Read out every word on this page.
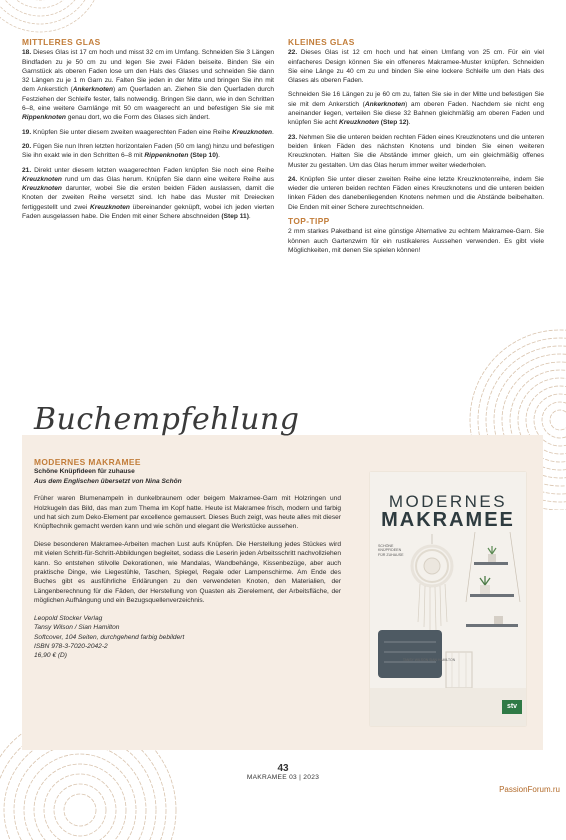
MITTLERES GLAS

18. Dieses Glas ist 17 cm hoch und misst 32 cm im Umfang. Schneiden Sie 3 Längen Bindfaden zu je 50 cm zu und legen Sie zwei Fäden beiseite. Binden Sie ein Garnstück als oberen Faden lose um den Hals des Glases und schneiden Sie dann 32 Längen zu je 1 m Garn zu. Falten Sie jeden in der Mitte und bringen Sie ihn mit dem Ankerstich (Ankerknoten) am Querfaden an. Ziehen Sie den Querfaden durch Festziehen der Schleife fester, falls notwendig. Bringen Sie dann, wie in den Schritten 6–8, eine weitere Garnlänge mit 50 cm waagerecht an und befestigen Sie sie mit Rippenknoten genau dort, wo die Form des Glases sich ändert.

19. Knüpfen Sie unter diesem zweiten waagerechten Faden eine Reihe Kreuzknoten.

20. Fügen Sie nun Ihren letzten horizontalen Faden (50 cm lang) hinzu und befestigen Sie ihn exakt wie in den Schritten 6–8 mit Rippenknoten (Step 10).

21. Direkt unter diesem letzten waagerechten Faden knüpfen Sie noch eine Reihe Kreuzknoten rund um das Glas herum. Knüpfen Sie dann eine weitere Reihe aus Kreuzknoten darunter, wobei Sie die ersten beiden Fäden auslassen, damit die Knoten der zweiten Reihe versetzt sind. Ich habe das Muster mit Dreiecken fertiggestellt und zwei Kreuzknoten übereinander geknüpft, wobei ich jeden vierten Faden ausgelassen habe. Die Enden mit einer Schere abschneiden (Step 11).

KLEINES GLAS

22. Dieses Glas ist 12 cm hoch und hat einen Umfang von 25 cm. Für ein viel einfacheres Design können Sie ein offeneres Makramee-Muster knüpfen. Schneiden Sie eine Länge zu 40 cm zu und binden Sie eine lockere Schleife um den Hals des Glases als oberen Faden.

Schneiden Sie 16 Längen zu je 60 cm zu, falten Sie sie in der Mitte und befestigen Sie sie mit dem Ankerstich (Ankerknoten) am oberen Faden. Nachdem sie nicht eng aneinander liegen, verteilen Sie diese 32 Bahnen gleichmäßig am oberen Faden und knüpfen Sie acht Kreuzknoten (Step 12).

23. Nehmen Sie die unteren beiden rechten Fäden eines Kreuzknotens und die unteren beiden linken Fäden des nächsten Knotens und binden Sie einen weiteren Kreuzknoten. Halten Sie die Abstände immer gleich, um ein gleichmäßig offenes Muster zu gestalten. Um das Glas herum immer weiter wiederholen.

24. Knüpfen Sie unter dieser zweiten Reihe eine letzte Kreuzknotenreihe, indem Sie wieder die unteren beiden rechten Fäden eines Kreuzknotens und die unteren beiden linken Fäden des danebenliegenden Knotens nehmen und die Abstände beibehalten. Die Enden mit einer Schere zurechtschneiden.

TOP-TIPP

2 mm starkes Paketband ist eine günstige Alternative zu echtem Makramee-Garn. Sie können auch Gartenzwirn für ein rustikaleres Aussehen verwenden. Es gibt viele Möglichkeiten, mit denen Sie spielen können!

Buchempfehlung
MODERNES MAKRAMEE
Schöne Knüpfideen für zuhause
Aus dem Englischen übersetzt von Nina Schön

Früher waren Blumenampeln in dunkelbraunem oder beigem Makramee-Garn mit Holzringen und Holzkugeln das Bild, das man zum Thema im Kopf hatte. Heute ist Makramee frisch, modern und farbig und hat sich zum Deko-Element par excellence gemausert. Dieses Buch zeigt, was heute alles mit dieser Knüpftechnik gemacht werden kann und wie schön und elegant die Werkstücke aussehen.

Diese besonderen Makramee-Arbeiten machen Lust aufs Knüpfen. Die Herstellung jedes Stückes wird mit vielen Schritt-für-Schritt-Abbildungen begleitet, sodass die Leserin jeden Arbeitsschritt nachvollziehen kann. So entstehen stilvolle Dekorationen, wie Mandalas, Wandbehänge, Kissenbezüge, aber auch praktische Dinge, wie Liegestühle, Taschen, Spiegel, Regale oder Lampenschirme. Am Ende des Buches gibt es ausführliche Erklärungen zu den verwendeten Knoten, den Materialien, der Längenberechnung für die Fäden, der Herstellung von Quasten als Zierelement, der Arbeitsfläche, der möglichen Aufhängung und ein Bezugsquellenverzeichnis.

Leopold Stocker Verlag
Tansy Wilson / Sian Hamilton
Softcover, 104 Seiten, durchgehend farbig bebildert
ISBN 978-3-7020-2042-2
16,90 € (D)
MODERNES
MAKRAMEE
SCHÖNE KNÜPFIDEEN FÜR ZUHAUSE
TANSY WILSON SIAN HAMILTON
stv
43
MAKRAMEE 03 | 2023
PassionForum.ru
